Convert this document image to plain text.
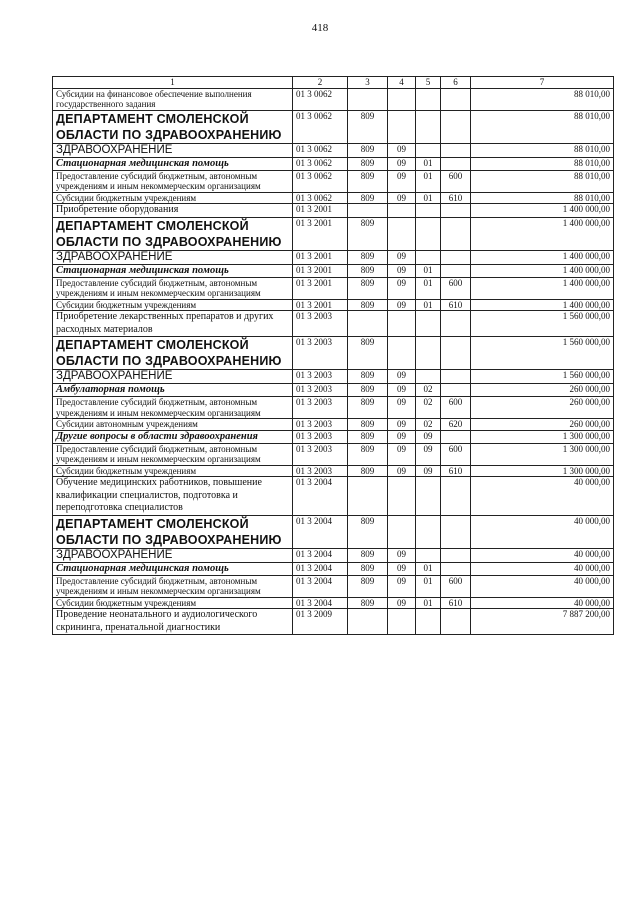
418
1	2	3	4	5	6	7
Субсидии на финансовое обеспечение выполнения государственного задания	01 3 0062					88 010,00
ДЕПАРТАМЕНТ СМОЛЕНСКОЙ ОБЛАСТИ ПО ЗДРАВООХРАНЕНИЮ	01 3 0062	809				88 010,00
ЗДРАВООХРАНЕНИЕ	01 3 0062	809	09			88 010,00
Стационарная медицинская помощь	01 3 0062	809	09	01		88 010,00
Предоставление субсидий бюджетным, автономным учреждениям и иным некоммерческим организациям	01 3 0062	809	09	01	600	88 010,00
Субсидии бюджетным учреждениям	01 3 0062	809	09	01	610	88 010,00
Приобретение оборудования	01 3 2001					1 400 000,00
ДЕПАРТАМЕНТ СМОЛЕНСКОЙ ОБЛАСТИ ПО ЗДРАВООХРАНЕНИЮ	01 3 2001	809				1 400 000,00
ЗДРАВООХРАНЕНИЕ	01 3 2001	809	09			1 400 000,00
Стационарная медицинская помощь	01 3 2001	809	09	01		1 400 000,00
Предоставление субсидий бюджетным, автономным учреждениям и иным некоммерческим организациям	01 3 2001	809	09	01	600	1 400 000,00
Субсидии бюджетным учреждениям	01 3 2001	809	09	01	610	1 400 000,00
Приобретение лекарственных препаратов и других расходных материалов	01 3 2003					1 560 000,00
ДЕПАРТАМЕНТ СМОЛЕНСКОЙ ОБЛАСТИ ПО ЗДРАВООХРАНЕНИЮ	01 3 2003	809				1 560 000,00
ЗДРАВООХРАНЕНИЕ	01 3 2003	809	09			1 560 000,00
Амбулаторная помощь	01 3 2003	809	09	02		260 000,00
Предоставление субсидий бюджетным, автономным учреждениям и иным некоммерческим организациям	01 3 2003	809	09	02	600	260 000,00
Субсидии автономным учреждениям	01 3 2003	809	09	02	620	260 000,00
Другие вопросы в области здравоохранения	01 3 2003	809	09	09		1 300 000,00
Предоставление субсидий бюджетным, автономным учреждениям и иным некоммерческим организациям	01 3 2003	809	09	09	600	1 300 000,00
Субсидии бюджетным учреждениям	01 3 2003	809	09	09	610	1 300 000,00
Обучение медицинских работников, повышение квалификации специалистов, подготовка и переподготовка специалистов	01 3 2004					40 000,00
ДЕПАРТАМЕНТ СМОЛЕНСКОЙ ОБЛАСТИ ПО ЗДРАВООХРАНЕНИЮ	01 3 2004	809				40 000,00
ЗДРАВООХРАНЕНИЕ	01 3 2004	809	09			40 000,00
Стационарная медицинская помощь	01 3 2004	809	09	01		40 000,00
Предоставление субсидий бюджетным, автономным учреждениям и иным некоммерческим организациям	01 3 2004	809	09	01	600	40 000,00
Субсидии бюджетным учреждениям	01 3 2004	809	09	01	610	40 000,00
Проведение неонатального и аудиологического скрининга, пренатальной диагностики	01 3 2009					7 887 200,00
